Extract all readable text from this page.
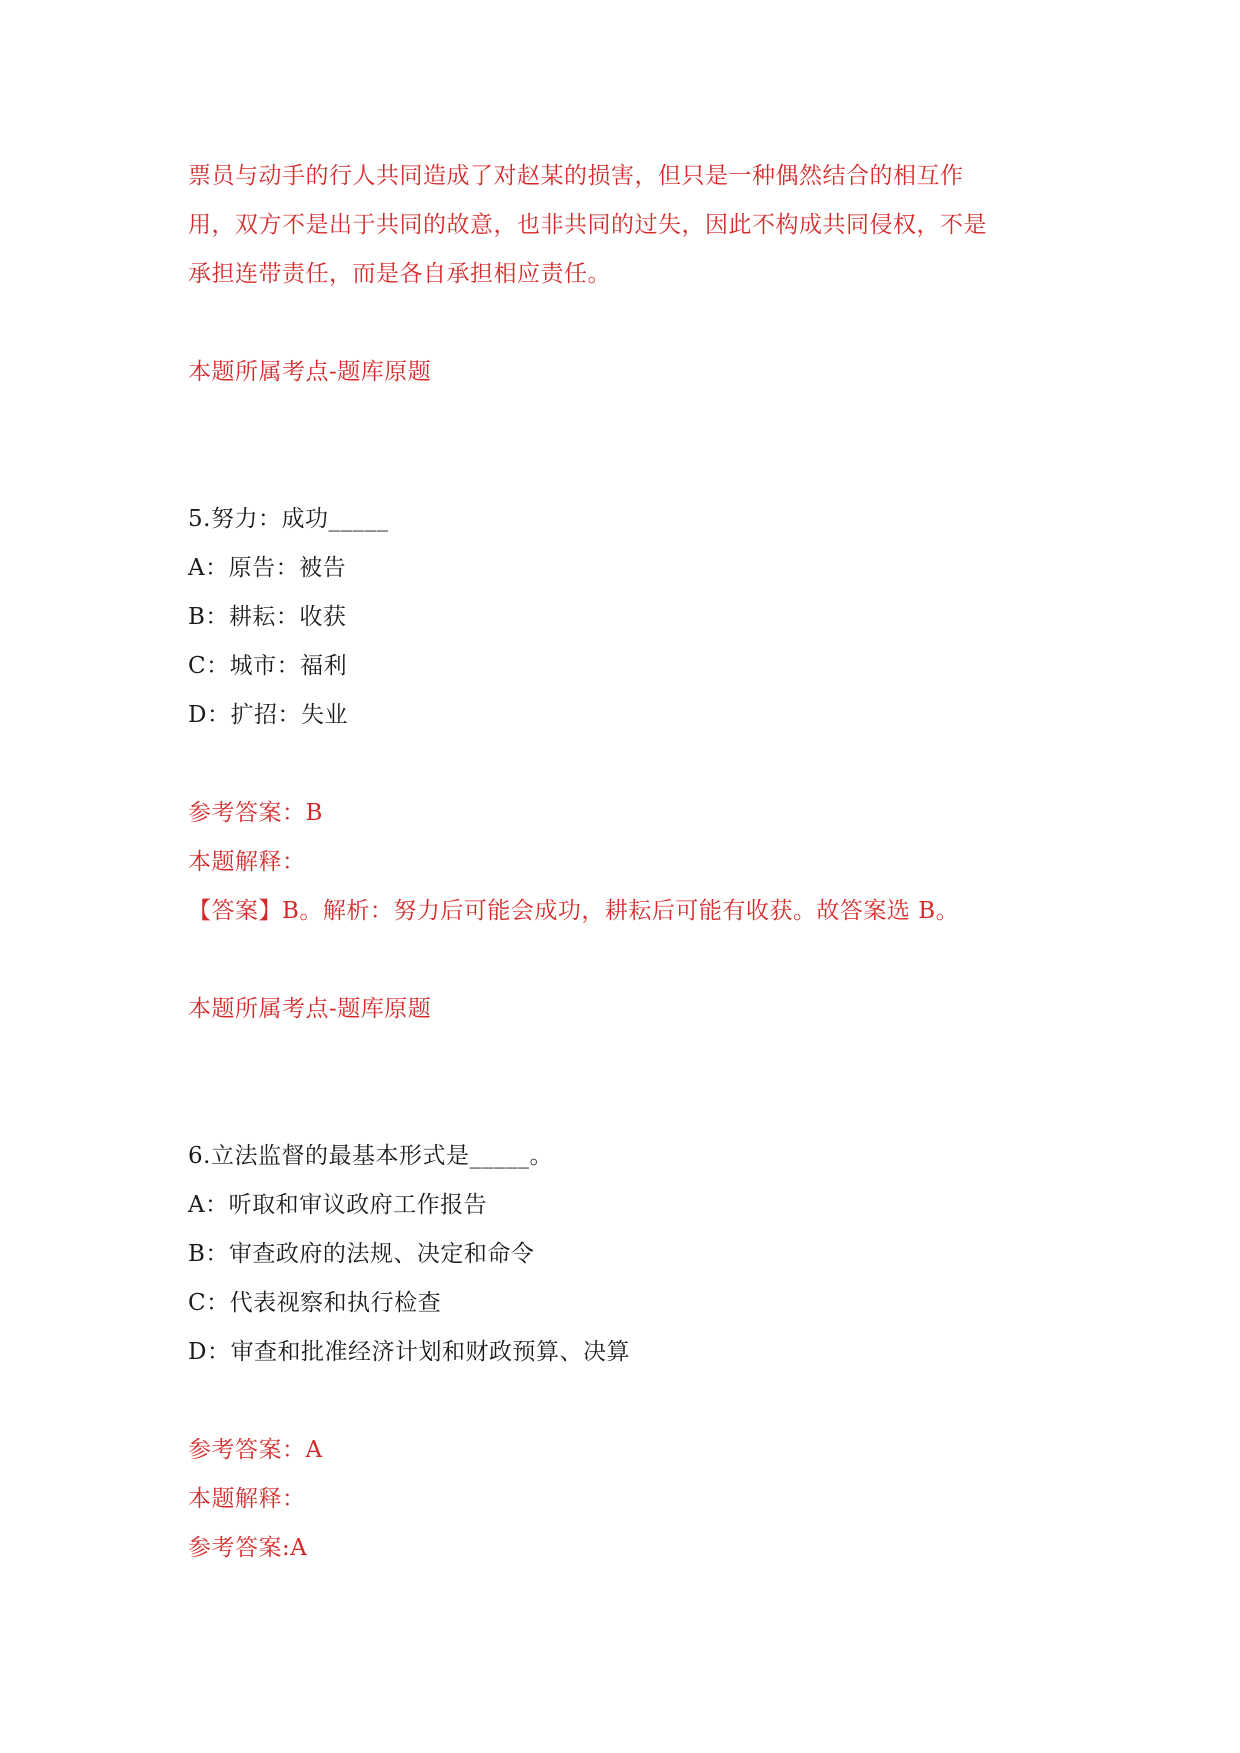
票员与动手的行人共同造成了对赵某的损害，但只是一种偶然结合的相互作
用，双方不是出于共同的故意，也非共同的过失，因此不构成共同侵权，不是
承担连带责任，而是各自承担相应责任。
本题所属考点-题库原题
5.努力：成功_____
A：原告：被告
B：耕耘：收获
C：城市：福利
D：扩招：失业
参考答案：B
本题解释：
【答案】B。解析：努力后可能会成功，耕耘后可能有收获。故答案选 B。
本题所属考点-题库原题
6.立法监督的最基本形式是_____。
A：听取和审议政府工作报告
B：审查政府的法规、决定和命令
C：代表视察和执行检查
D：审查和批准经济计划和财政预算、决算
参考答案：A
本题解释：
参考答案:A
